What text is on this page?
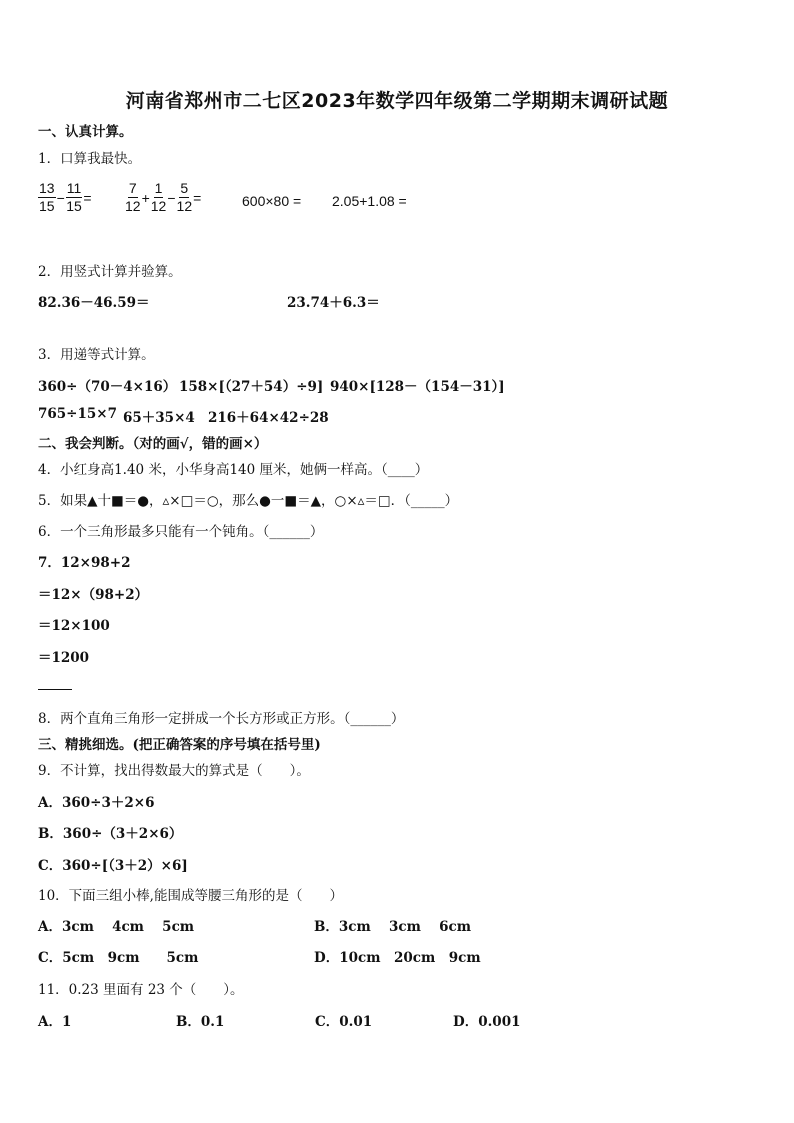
河南省郑州市二七区2023年数学四年级第二学期期末调研试题
一、认真计算。
1．口算我最快。
$\frac{13}{15} - \frac{11}{15} = \frac{7}{12} + \frac{1}{12} - \frac{5}{12}$ =	600×80 = 2.05+1.08 =
2．用竖式计算并验算。
82.36－46.59＝	23.74＋6.3＝
3．用递等式计算。
360÷（70－4×16） 158×[（27＋54）÷9] 940×[128－（154－31）]
765÷15×7 65＋35×4 216＋64×42÷28
二、我会判断。（对的画√，错的画×）
4．小红身高1.40 米，小华身高140 厘米，她俩一样高。（____）
5．如果▲十■＝●，▵×□＝○，那么●一■＝▲，○×▵＝□．（_____）
6．一个三角形最多只能有一个钝角。（______）
7．12×98+2
＝12×（98+2）
＝12×100
＝1200
8．两个直角三角形一定拼成一个长方形或正方形。（______）
三、精挑细选。(把正确答案的序号填在括号里)
9．不计算，找出得数最大的算式是（　　）。
A．360÷3＋2×6
B．360÷（3＋2×6）
C．360÷[（3＋2）×6]
10．下面三组小棒,能围成等腰三角形的是（　　）
A．3cm　 4cm　 5cm	B．3cm　 3cm　 6cm
C．5cm　9cm　　5cm	D．10cm　20cm　9cm
11．0.23 里面有 23 个（　　）。
A．1	B．0.1	C．0.01	D．0.001
